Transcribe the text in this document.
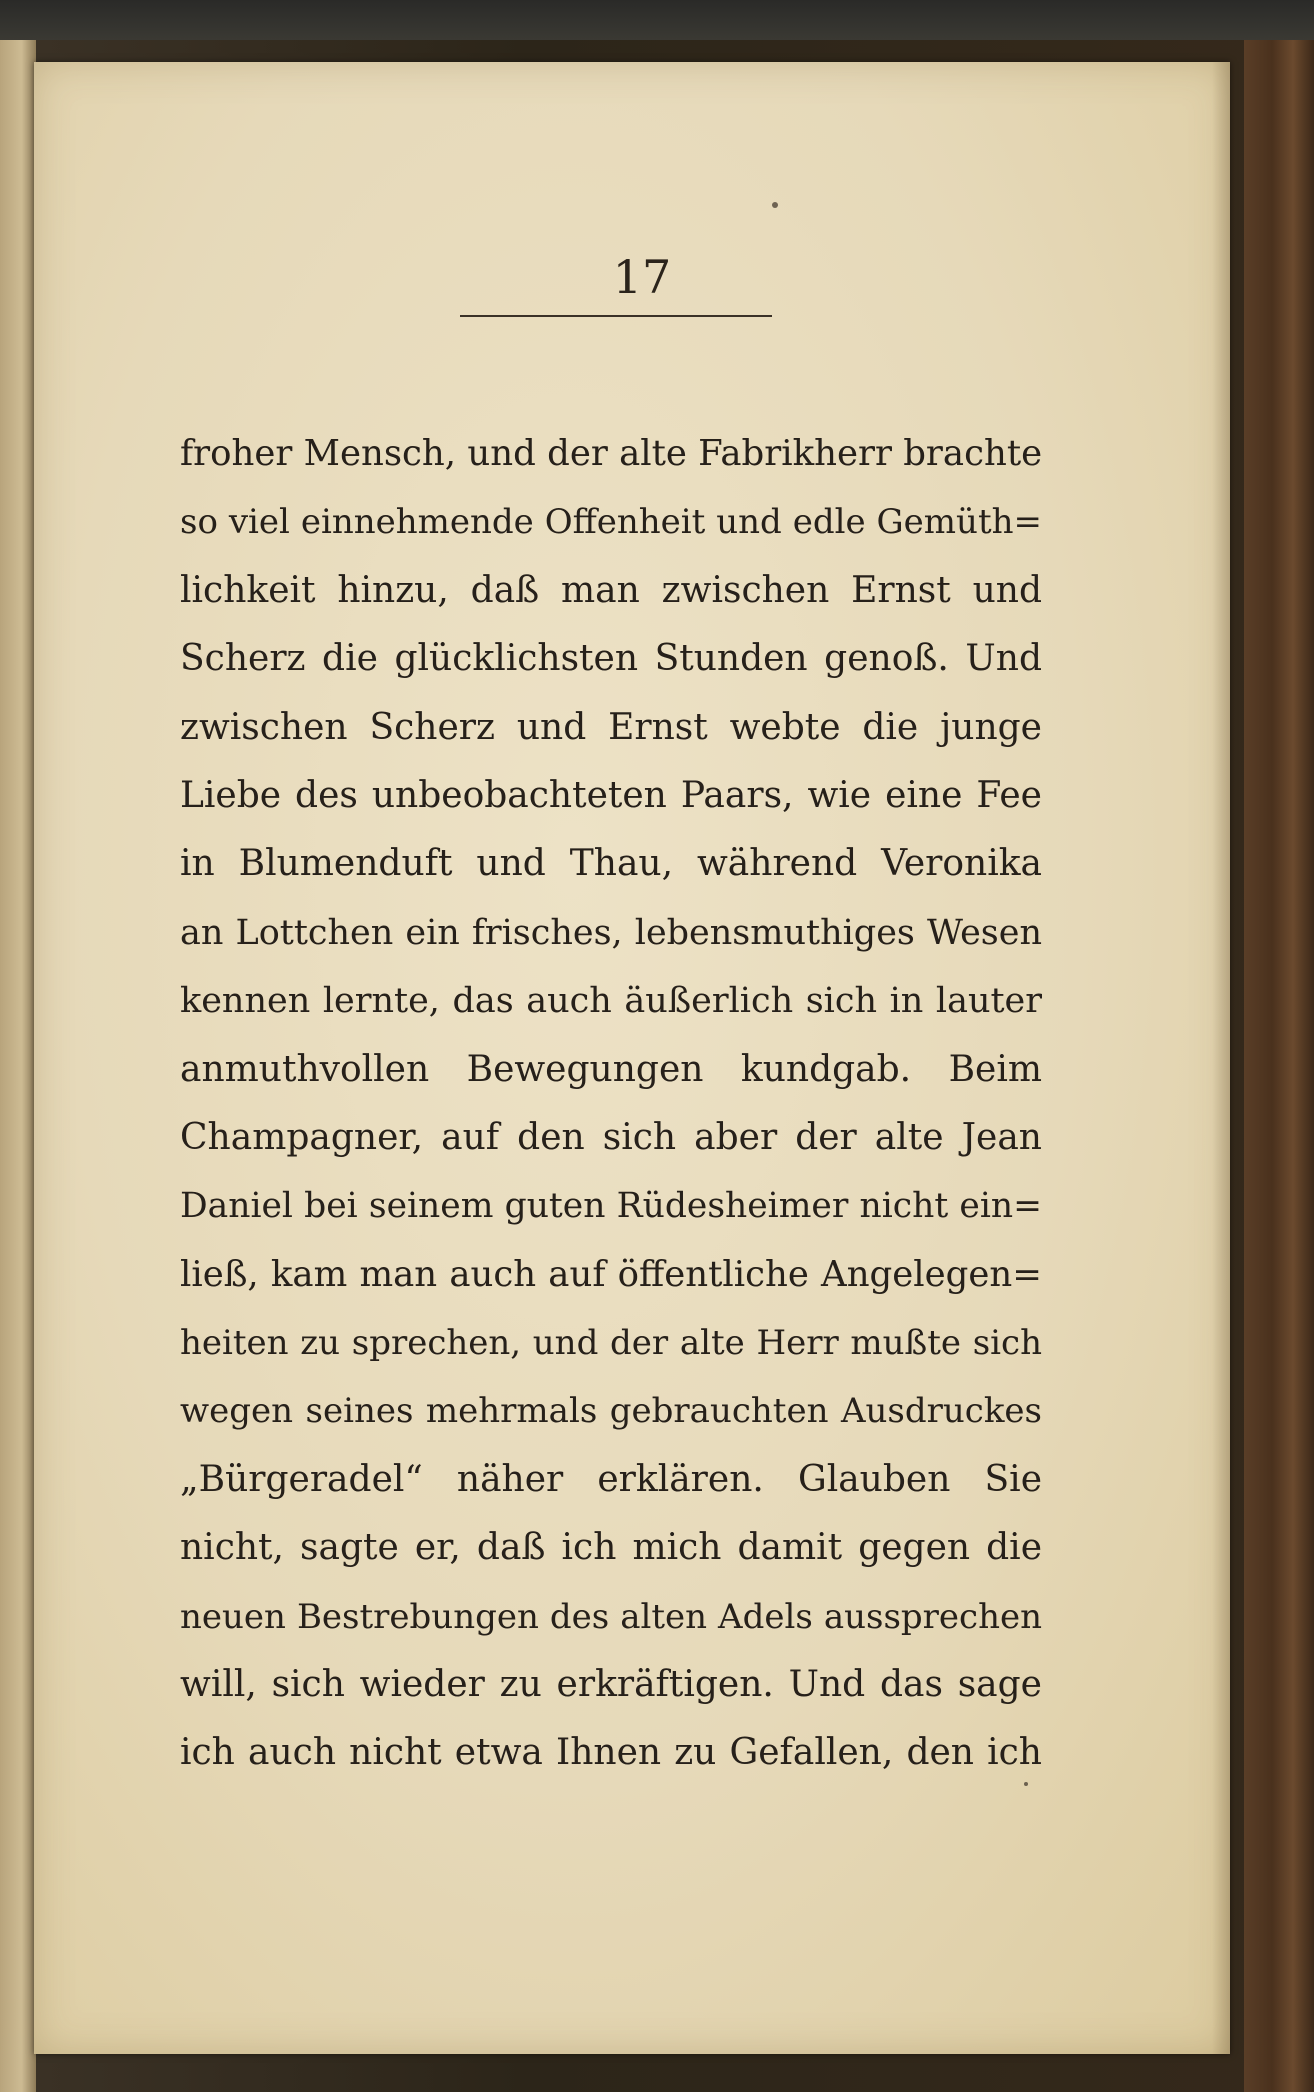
17
froher Mensch, und der alte Fabrikherr brachte
so viel einnehmende Offenheit und edle Gemüth=
lichkeit hinzu, daß man zwischen Ernst und
Scherz die glücklichsten Stunden genoß. Und
zwischen Scherz und Ernst webte die junge
Liebe des unbeobachteten Paars, wie eine Fee
in Blumenduft und Thau, während Veronika
an Lottchen ein frisches, lebensmuthiges Wesen
kennen lernte, das auch äußerlich sich in lauter
anmuthvollen Bewegungen kundgab. Beim
Champagner, auf den sich aber der alte Jean
Daniel bei seinem guten Rüdesheimer nicht ein=
ließ, kam man auch auf öffentliche Angelegen=
heiten zu sprechen, und der alte Herr mußte sich
wegen seines mehrmals gebrauchten Ausdruckes
„Bürgeradel“ näher erklären. Glauben Sie
nicht, sagte er, daß ich mich damit gegen die
neuen Bestrebungen des alten Adels aussprechen
will, sich wieder zu erkräftigen. Und das sage
ich auch nicht etwa Ihnen zu Gefallen, den ich
